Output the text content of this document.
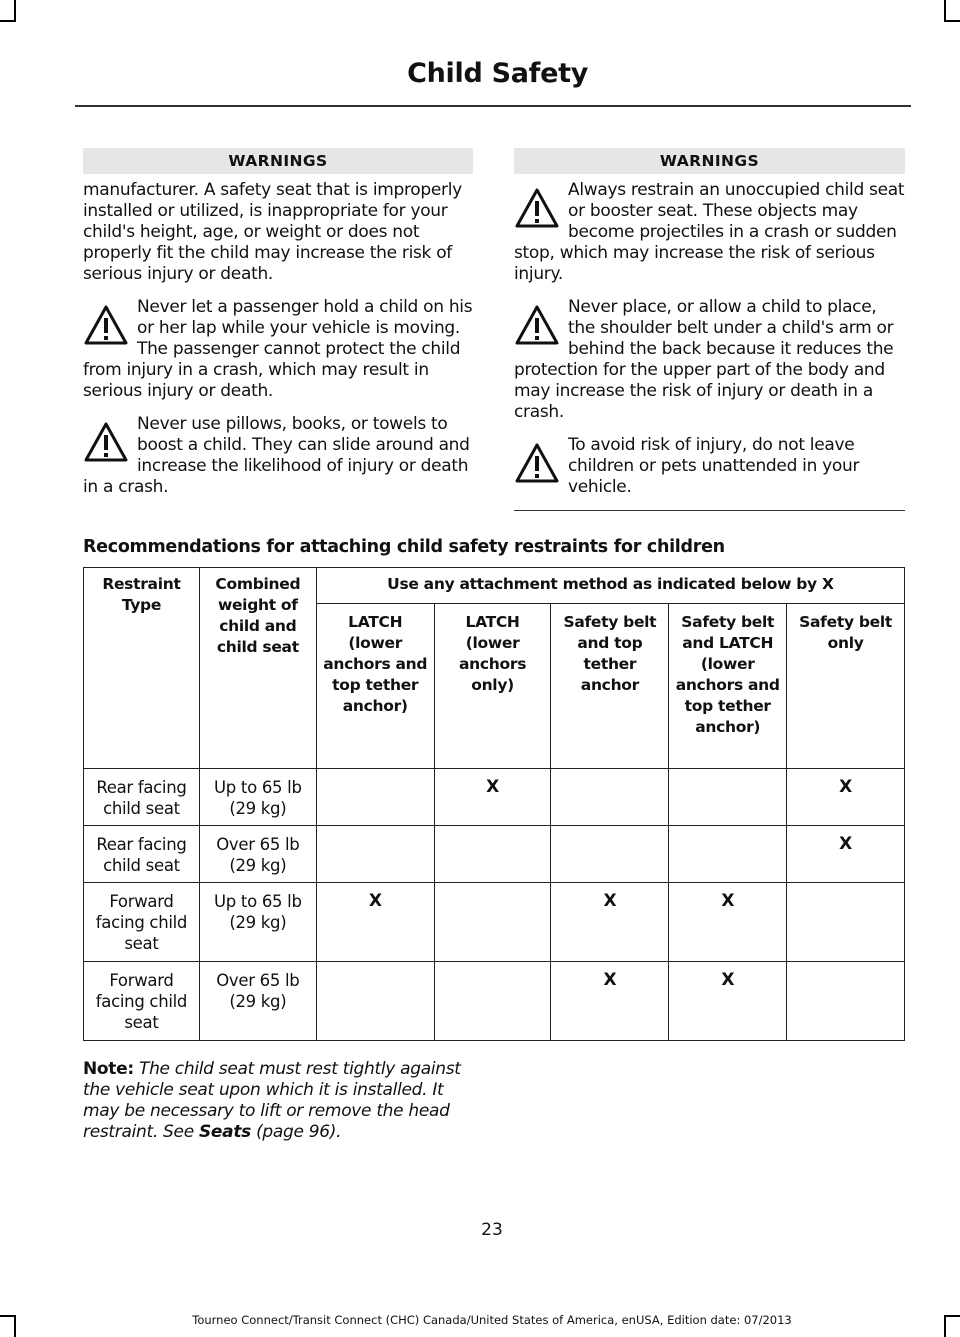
Child Safety
WARNINGS

manufacturer. A safety seat that is improperly installed or utilized, is inappropriate for your child's height, age, or weight or does not properly fit the child may increase the risk of serious injury or death.

Never let a passenger hold a child on his or her lap while your vehicle is moving. The passenger cannot protect the child from injury in a crash, which may result in serious injury or death.
Never use pillows, books, or towels to boost a child. They can slide around and increase the likelihood of injury or death in a crash.
WARNINGS
Always restrain an unoccupied child seat or booster seat. These objects may become projectiles in a crash or sudden stop, which may increase the risk of serious injury.
Never place, or allow a child to place, the shoulder belt under a child's arm or behind the back because it reduces the protection for the upper part of the body and may increase the risk of injury or death in a crash.
To avoid risk of injury, do not leave children or pets unattended in your vehicle.
Recommendations for attaching child safety restraints for children
Restraint Type	Combined weight of child and child seat	Use any attachment method as indicated below by X				
		LATCH (lower anchors and top tether anchor)	LATCH (lower anchors only)	Safety belt and top tether anchor	Safety belt and LATCH (lower anchors and top tether anchor)	Safety belt only
Rear facing child seat	Up to 65 lb (29 kg)		X			X
Rear facing child seat	Over 65 lb (29 kg)					X
Forward facing child seat	Up to 65 lb (29 kg)	X		X	X	
Forward facing child seat	Over 65 lb (29 kg)			X	X	
Note: The child seat must rest tightly against the vehicle seat upon which it is installed. It may be necessary to lift or remove the head restraint. See Seats (page 96).
23
Tourneo Connect/Transit Connect (CHC) Canada/United States of America, enUSA, Edition date: 07/2013
